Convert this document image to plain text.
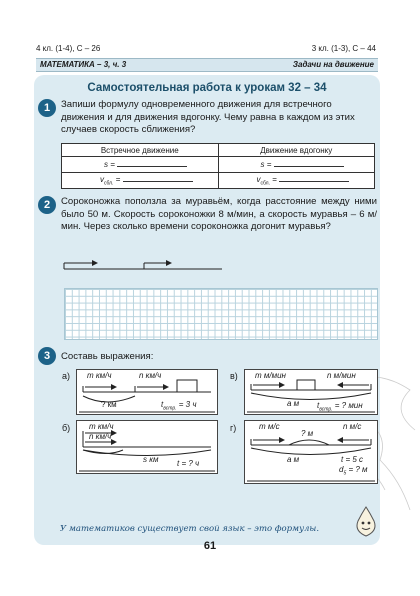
4 кл. (1-4), С – 26	3 кл. (1-3), С – 44
МАТЕМАТИКА – 3, ч. 3	Задачи на движение
Самостоятельная работа к урокам 32 – 34
1	Запиши формулу одновременного движения для встречного движения и для движения вдогонку. Чему равна в каждом из этих случаев скорость сближения?
Встречное движение	Движение вдогонку
s =	s =
$v_{сбл.}$ =	$v_{сбл.}$ =
2	Сороконожка поползла за муравьём, когда расстояние между ними было 50 м. Скорость сороконожки 8 м/мин, а скорость муравья – 6 м/мин. Через сколько времени сороконожка догонит муравья?
3	Составь выражения:
а) m км/ч	n км/ч
? км	$t_{встр.} = 3$ ч
в) m м/мин	n м/мин
a м $t_{встр.}$ = ? мин
б) m км/ч
n км/ч
s км t = ? ч
г)	m м/с	n м/с
? м
a м	t = 5 с
$d_5$ = ? м
У математиков существует свой язык – это формулы.
61
